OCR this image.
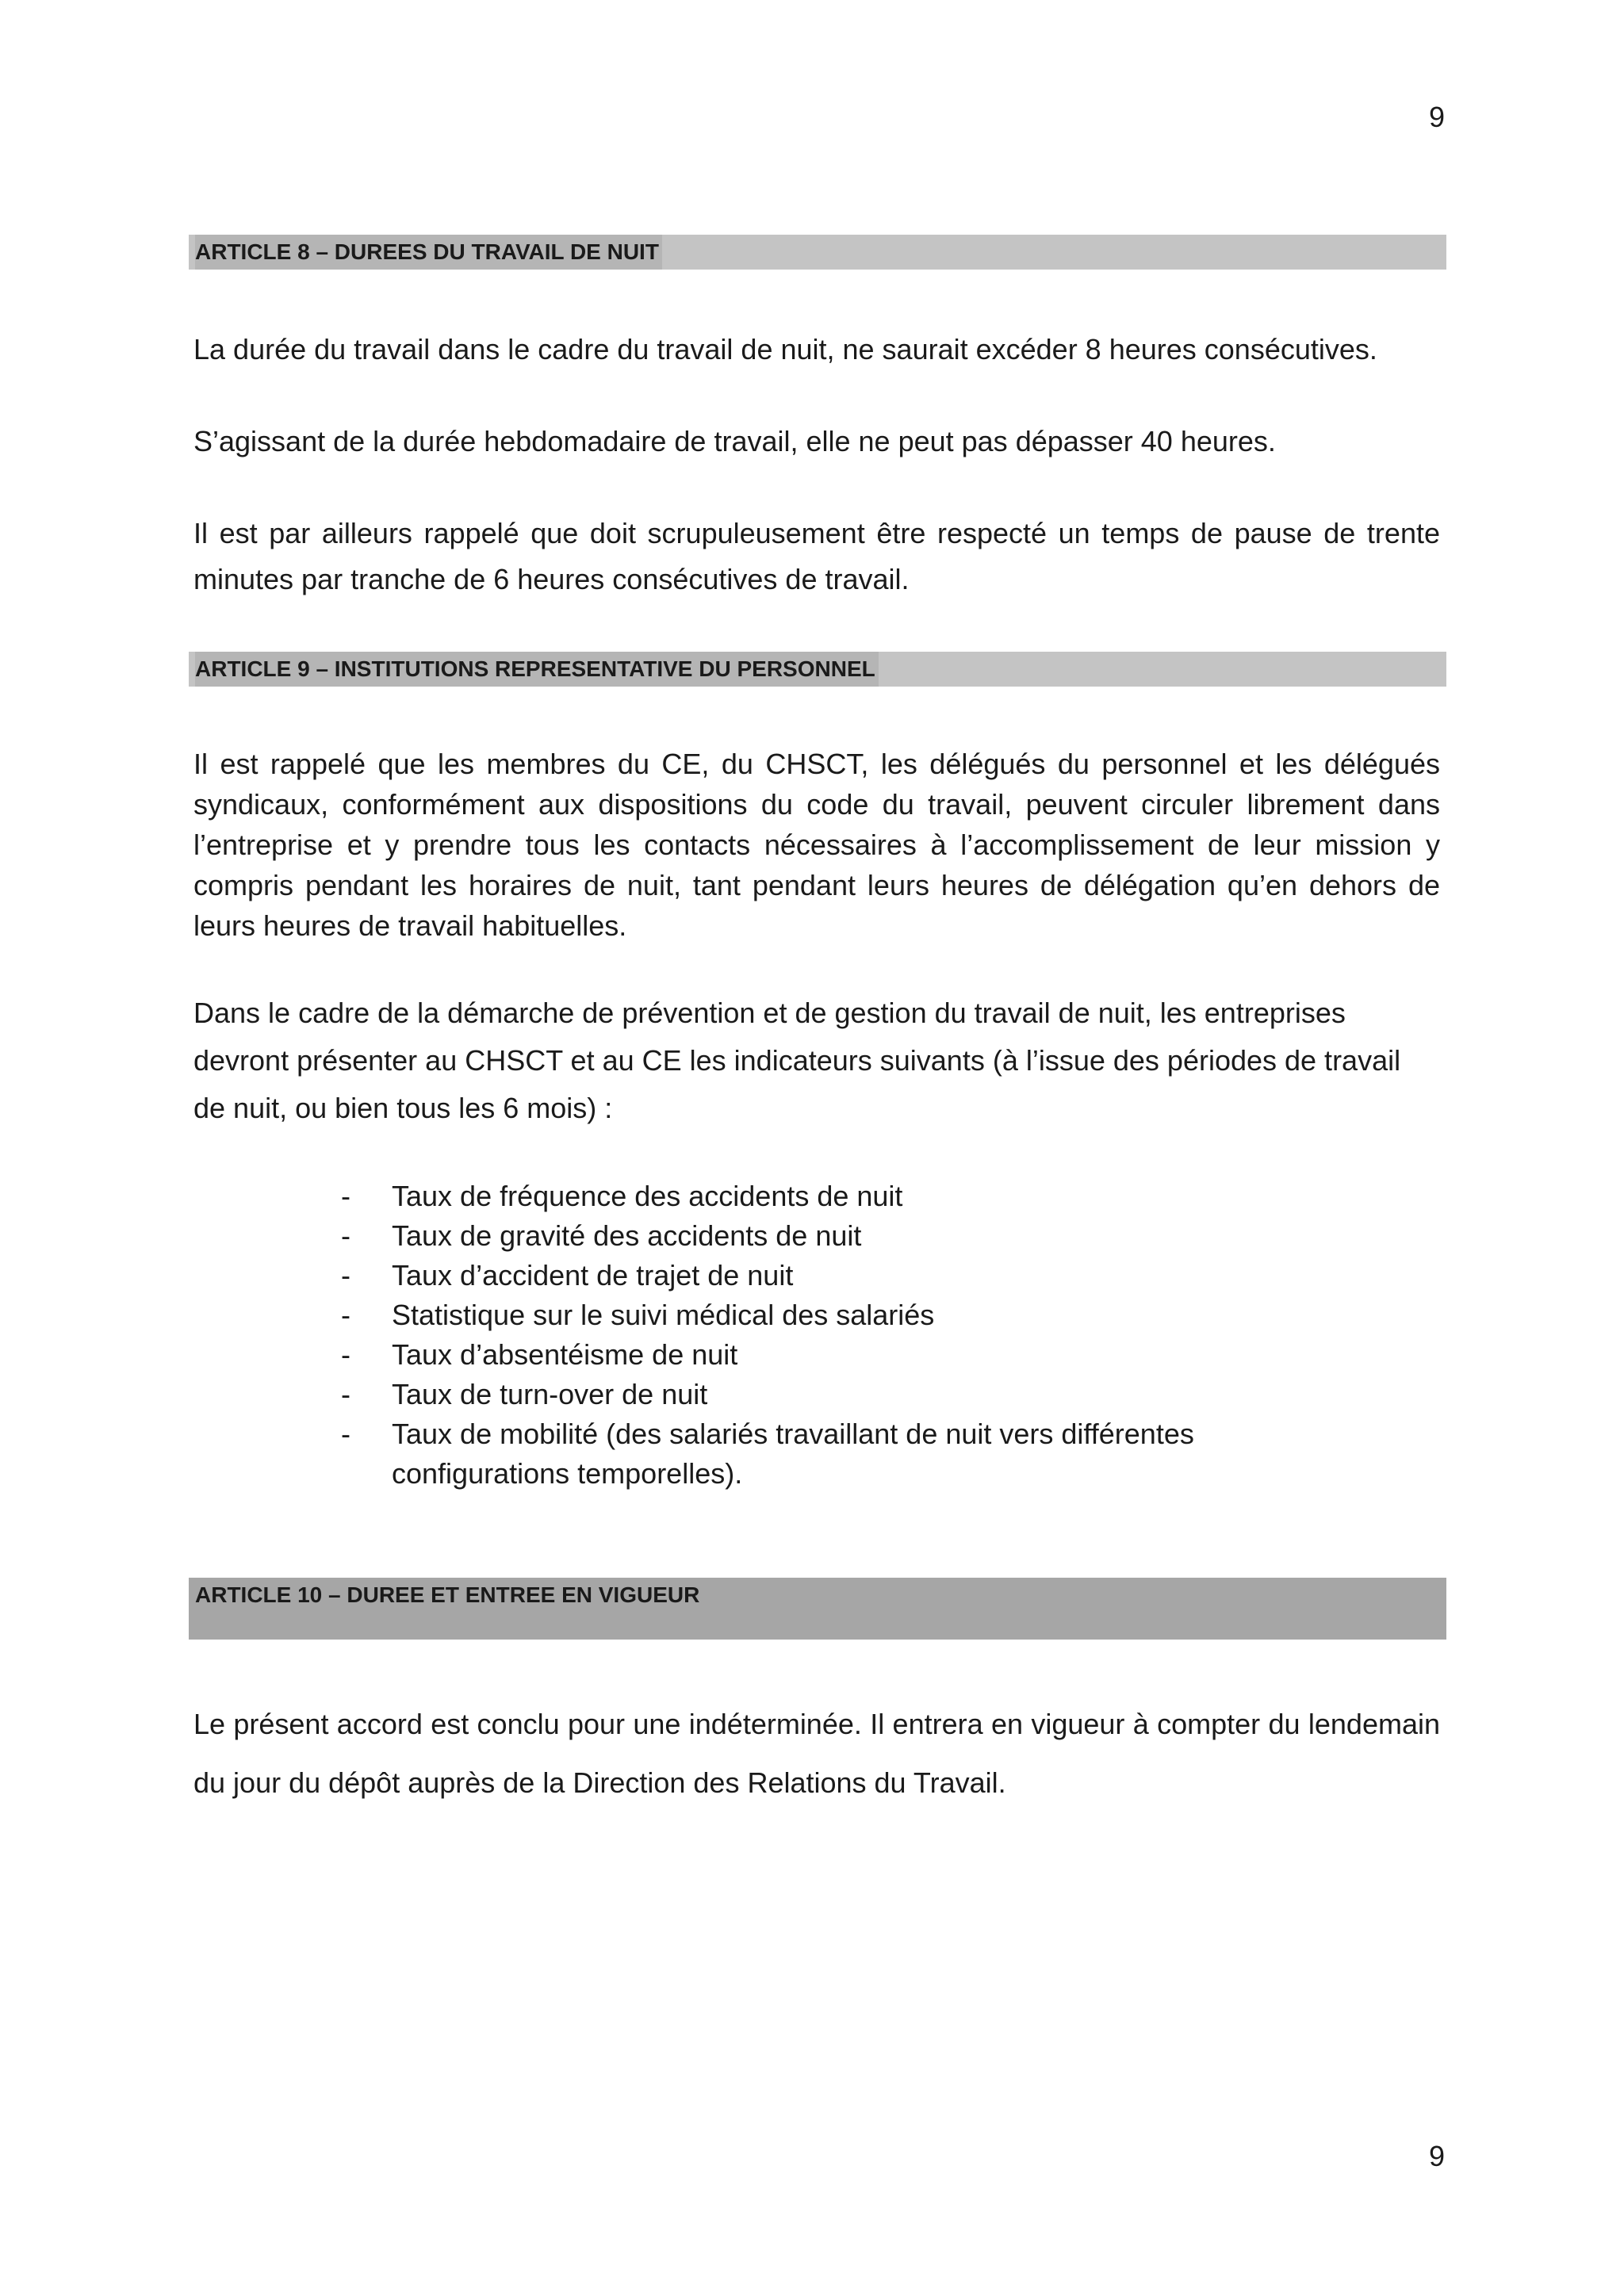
9
ARTICLE 8 – DUREES DU TRAVAIL DE NUIT

La durée du travail dans le cadre du travail de nuit, ne saurait excéder 8 heures consécutives.

S’agissant de la durée hebdomadaire de travail, elle ne peut pas dépasser 40 heures.

Il est par ailleurs rappelé que doit scrupuleusement être respecté un temps de pause de trente minutes par tranche de 6 heures consécutives de travail.

ARTICLE 9 – INSTITUTIONS REPRESENTATIVE DU PERSONNEL

Il est rappelé que les membres du CE, du CHSCT, les délégués du personnel et les délégués syndicaux, conformément aux dispositions du code du travail, peuvent circuler librement dans l’entreprise et y prendre tous les contacts nécessaires à l’accomplissement de leur mission y compris pendant les horaires de nuit, tant pendant leurs heures de délégation qu’en dehors de leurs heures de travail habituelles.

Dans le cadre de la démarche de prévention et de gestion du travail de nuit, les entreprises devront présenter au CHSCT et au CE les indicateurs suivants (à l’issue des périodes de travail de nuit, ou bien tous les 6 mois) :

- Taux de fréquence des accidents de nuit
- Taux de gravité des accidents de nuit
- Taux d’accident de trajet de nuit
- Statistique sur le suivi médical des salariés
- Taux d’absentéisme de nuit
- Taux de turn-over de nuit
- Taux de mobilité (des salariés travaillant de nuit vers différentes configurations temporelles).
ARTICLE 10 – DUREE ET ENTREE EN VIGUEUR

Le présent accord est conclu pour une indéterminée. Il entrera en vigueur à compter du lendemain du jour du dépôt auprès de la Direction des Relations du Travail.

9
